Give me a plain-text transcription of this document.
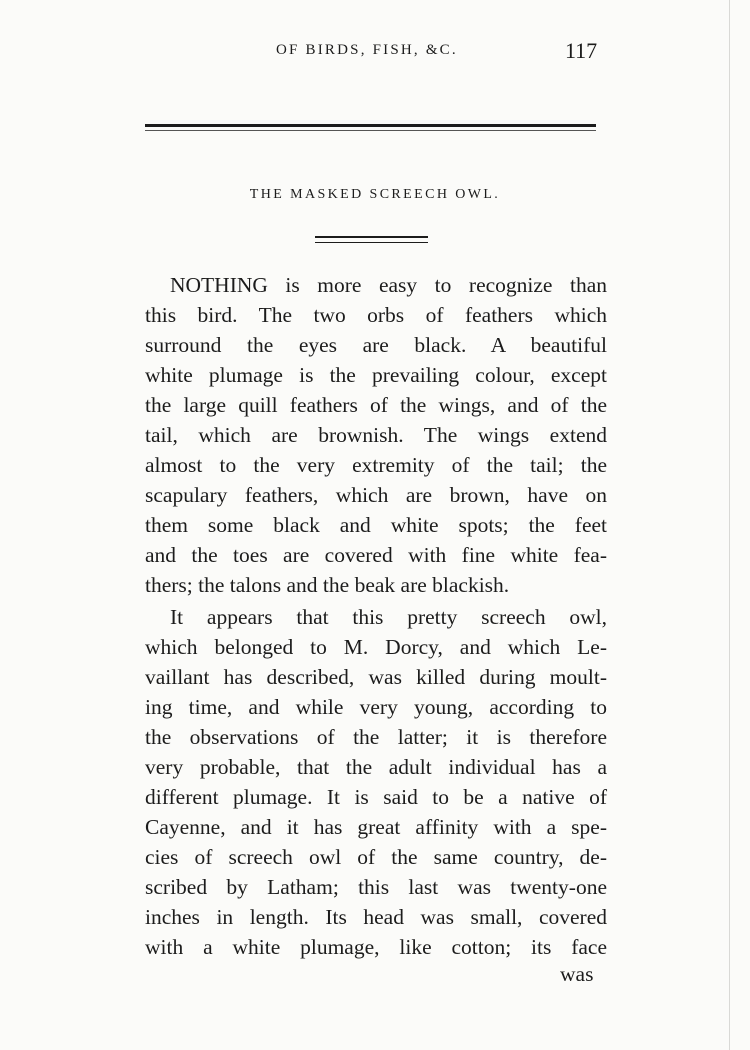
OF BIRDS, FISH, &C.	117
THE MASKED SCREECH OWL.
NOTHING is more easy to recognize than
this bird. The two orbs of feathers which
surround the eyes are black. A beautiful
white plumage is the prevailing colour, except
the large quill feathers of the wings, and of the
tail, which are brownish. The wings extend
almost to the very extremity of the tail; the
scapulary feathers, which are brown, have on
them some black and white spots; the feet
and the toes are covered with fine white fea-
thers; the talons and the beak are blackish.
It appears that this pretty screech owl,
which belonged to M. Dorcy, and which Le-
vaillant has described, was killed during moult-
ing time, and while very young, according to
the observations of the latter; it is therefore
very probable, that the adult individual has a
different plumage. It is said to be a native of
Cayenne, and it has great affinity with a spe-
cies of screech owl of the same country, de-
scribed by Latham; this last was twenty-one
inches in length. Its head was small, covered
with a white plumage, like cotton; its face
was
